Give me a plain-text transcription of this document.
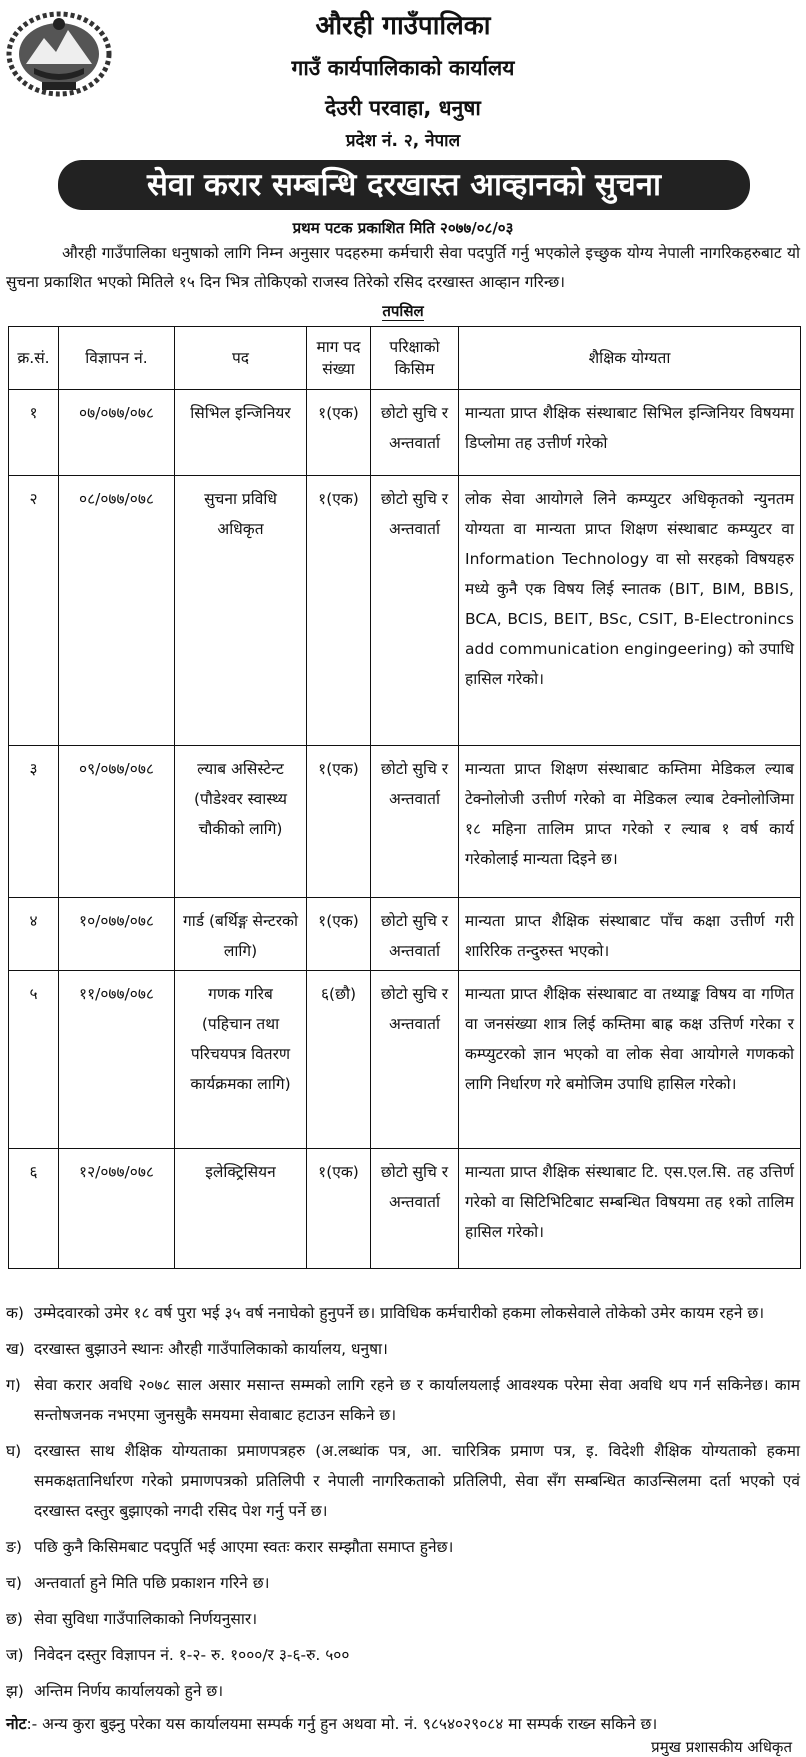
औरही गाउँपालिका
गाउँ कार्यपालिकाको कार्यालय
देउरी परवाहा, धनुषा
प्रदेश नं. २, नेपाल
सेवा करार सम्बन्धि दरखास्त आव्हानको सुचना
प्रथम पटक प्रकाशित मिति २०७७/०८/०३
औरही गाउँपालिका धनुषाको लागि निम्न अनुसार पदहरुमा कर्मचारी सेवा पदपुर्ति गर्नु भएकोले इच्छुक योग्य नेपाली नागरिकहरुबाट यो सुचना प्रकाशित भएको मितिले १५ दिन भित्र तोकिएको राजस्व तिरेको रसिद दरखास्त आव्हान गरिन्छ।
तपसिल
क्र.सं.	विज्ञापन नं.	पद	माग पद संख्या	परिक्षाको किसिम	शैक्षिक योग्यता
१	०७/०७७/०७८	सिभिल इन्जिनियर	१(एक)	छोटो सुचि र अन्तवार्ता	मान्यता प्राप्त शैक्षिक संस्थाबाट सिभिल इन्जिनियर विषयमा डिप्लोमा तह उत्तीर्ण गरेको
२	०८/०७७/०७८	सुचना प्रविधि अधिकृत	१(एक)	छोटो सुचि र अन्तवार्ता	लोक सेवा आयोगले लिने कम्प्युटर अधिकृतको न्युनतम योग्यता वा मान्यता प्राप्त शिक्षण संस्थाबाट कम्प्युटर वा Information Technology वा सो सरहको विषयहरु मध्ये कुनै एक विषय लिई स्नातक (BIT, BIM, BBIS, BCA, BCIS, BEIT, BSc, CSIT, B-Electronincs add communication engingeering) को उपाधि हासिल गरेको।
३	०९/०७७/०७८	ल्याब असिस्टेन्ट (पौडेश्वर स्वास्थ्य चौकीको लागि)	१(एक)	छोटो सुचि र अन्तवार्ता	मान्यता प्राप्त शिक्षण संस्थाबाट कम्तिमा मेडिकल ल्याब टेक्नोलोजी उत्तीर्ण गरेको वा मेडिकल ल्याब टेक्नोलोजिमा १८ महिना तालिम प्राप्त गरेको र ल्याब १ वर्ष कार्य गरेकोलाई मान्यता दिइने छ।
४	१०/०७७/०७८	गार्ड (बर्थिङ्ग सेन्टरको लागि)	१(एक)	छोटो सुचि र अन्तवार्ता	मान्यता प्राप्त शैक्षिक संस्थाबाट पाँच कक्षा उत्तीर्ण गरी शारिरिक तन्दुरुस्त भएको।
५	११/०७७/०७८	गणक गरिब (पहिचान तथा परिचयपत्र वितरण कार्यक्रमका लागि)	६(छौ)	छोटो सुचि र अन्तवार्ता	मान्यता प्राप्त शैक्षिक संस्थाबाट वा तथ्याङ्क विषय वा गणित वा जनसंख्या शात्र लिई कम्तिमा बाह्र कक्ष उत्तिर्ण गरेका र कम्प्युटरको ज्ञान भएको वा लोक सेवा आयोगले गणकको लागि निर्धारण गरे बमोजिम उपाधि हासिल गरेको।
६	१२/०७७/०७८	इलेक्ट्रिसियन	१(एक)	छोटो सुचि र अन्तवार्ता	मान्यता प्राप्त शैक्षिक संस्थाबाट टि. एस.एल.सि. तह उत्तिर्ण गरेको वा सिटिभिटिबाट सम्बन्धित विषयमा तह १को तालिम हासिल गरेको।
क) उम्मेदवारको उमेर १८ वर्ष पुरा भई ३५ वर्ष ननाघेको हुनुपर्ने छ। प्राविधिक कर्मचारीको हकमा लोकसेवाले तोकेको उमेर कायम रहने छ।
ख) दरखास्त बुझाउने स्थानः औरही गाउँपालिकाको कार्यालय, धनुषा।
ग) सेवा करार अवधि २०७८ साल असार मसान्त सम्मको लागि रहने छ र कार्यालयलाई आवश्यक परेमा सेवा अवधि थप गर्न सकिनेछ। काम सन्तोषजनक नभएमा जुनसुकै समयमा सेवाबाट हटाउन सकिने छ।
घ) दरखास्त साथ शैक्षिक योग्यताका प्रमाणपत्रहरु (अ.लब्धांक पत्र, आ. चारित्रिक प्रमाण पत्र, इ. विदेशी शैक्षिक योग्यताको हकमा समकक्षतानिर्धारण गरेको प्रमाणपत्रको प्रतिलिपी र नेपाली नागरिकताको प्रतिलिपी, सेवा सँग सम्बन्धित काउन्सिलमा दर्ता भएको एवं दरखास्त दस्तुर बुझाएको नगदी रसिद पेश गर्नु पर्ने छ।
ङ) पछि कुनै किसिमबाट पदपुर्ति भई आएमा स्वतः करार सम्झौता समाप्त हुनेछ।
च) अन्तवार्ता हुने मिति पछि प्रकाशन गरिने छ।
छ) सेवा सुविधा गाउँपालिकाको निर्णयनुसार।
ज) निवेदन दस्तुर विज्ञापन नं. १-२- रु. १०००/र ३-६-रु. ५००
झ) अन्तिम निर्णय कार्यालयको हुने छ।
नोट:- अन्य कुरा बुझ्नु परेका यस कार्यालयमा सम्पर्क गर्नु हुन अथवा मो. नं. ९८५४०२९०८४ मा सम्पर्क राख्न सकिने छ।
प्रमुख प्रशासकीय अधिकृत
